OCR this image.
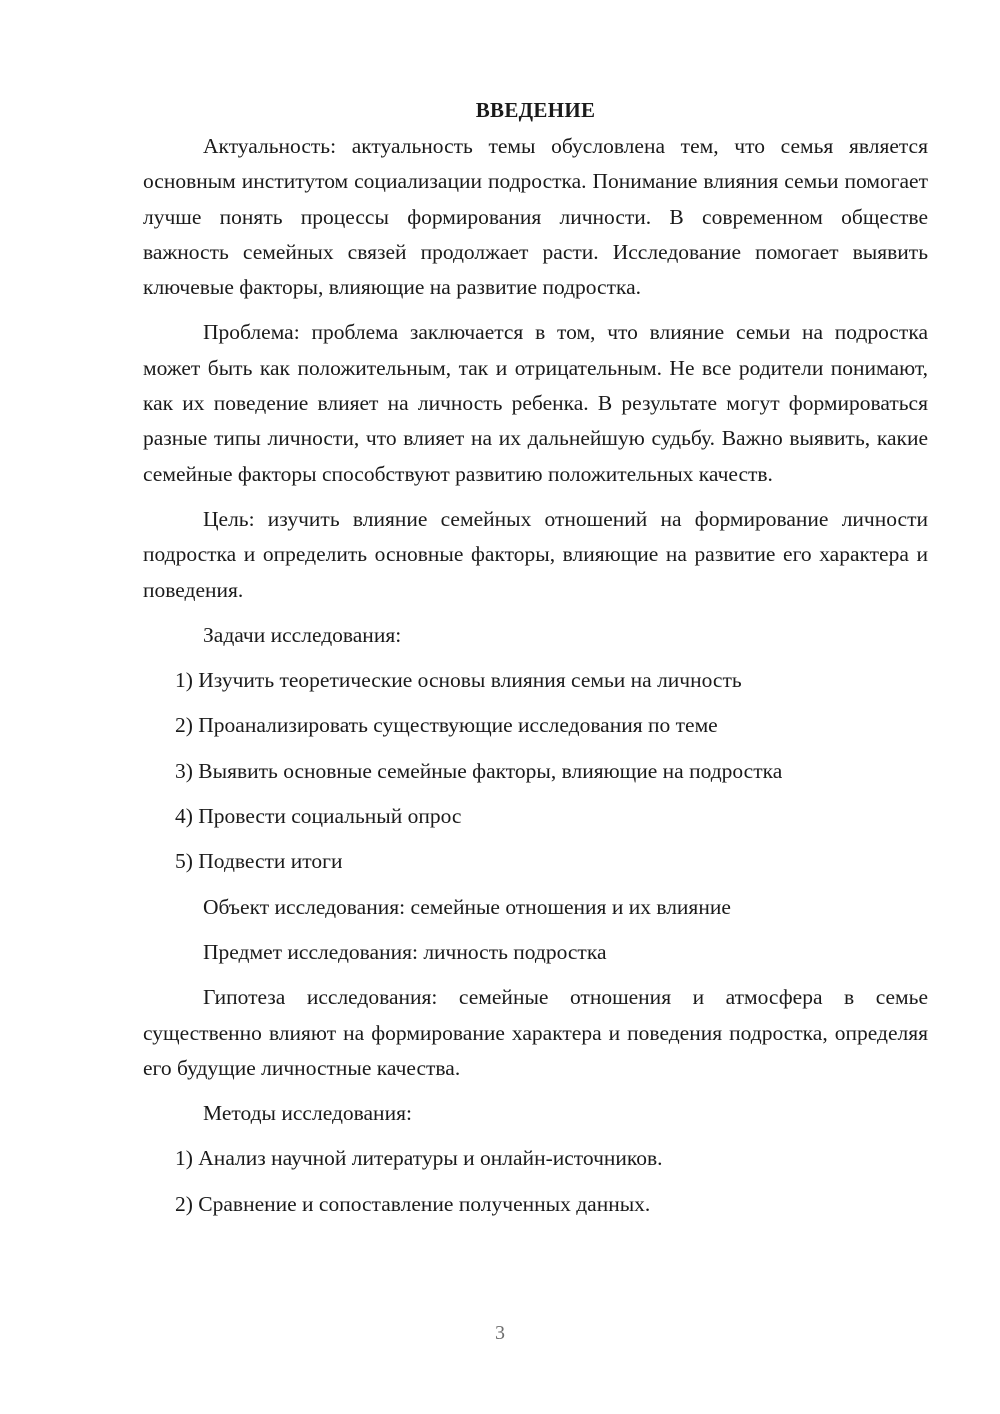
ВВЕДЕНИЕ

Актуальность: актуальность темы обусловлена тем, что семья является основным институтом социализации подростка. Понимание влияния семьи помогает лучше понять процессы формирования личности. В современном обществе важность семейных связей продолжает расти. Исследование помогает выявить ключевые факторы, влияющие на развитие подростка.

Проблема: проблема заключается в том, что влияние семьи на подростка может быть как положительным, так и отрицательным. Не все родители понимают, как их поведение влияет на личность ребенка. В результате могут формироваться разные типы личности, что влияет на их дальнейшую судьбу. Важно выявить, какие семейные факторы способствуют развитию положительных качеств.

Цель: изучить влияние семейных отношений на формирование личности подростка и определить основные факторы, влияющие на развитие его характера и поведения.

Задачи исследования:
1) Изучить теоретические основы влияния семьи на личность
2) Проанализировать существующие исследования по теме
3) Выявить основные семейные факторы, влияющие на подростка
4) Провести социальный опрос
5) Подвести итоги
Объект исследования: семейные отношения и их влияние
Предмет исследования: личность подростка

Гипотеза исследования: семейные отношения и атмосфера в семье существенно влияют на формирование характера и поведения подростка, определяя его будущие личностные качества.

Методы исследования:
1) Анализ научной литературы и онлайн-источников.
2) Сравнение и сопоставление полученных данных.
3
